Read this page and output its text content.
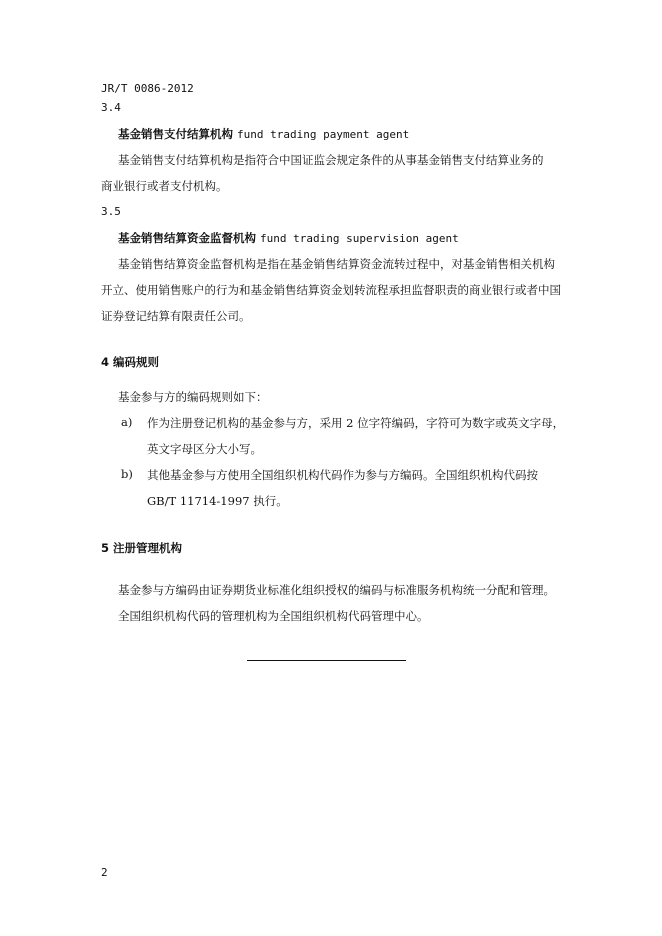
JR/T 0086-2012
3.4
基金销售支付结算机构 fund trading payment agent
基金销售支付结算机构是指符合中国证监会规定条件的从事基金销售支付结算业务的
商业银行或者支付机构。
3.5
基金销售结算资金监督机构 fund trading supervision agent
基金销售结算资金监督机构是指在基金销售结算资金流转过程中，对基金销售相关机构
开立、使用销售账户的行为和基金销售结算资金划转流程承担监督职责的商业银行或者中国
证券登记结算有限责任公司。
4 编码规则
基金参与方的编码规则如下：
a) 作为注册登记机构的基金参与方，采用 2 位字符编码，字符可为数字或英文字母，
英文字母区分大小写。
b) 其他基金参与方使用全国组织机构代码作为参与方编码。全国组织机构代码按
GB/T 11714-1997 执行。
5 注册管理机构
基金参与方编码由证券期货业标准化组织授权的编码与标准服务机构统一分配和管理。
全国组织机构代码的管理机构为全国组织机构代码管理中心。
2
